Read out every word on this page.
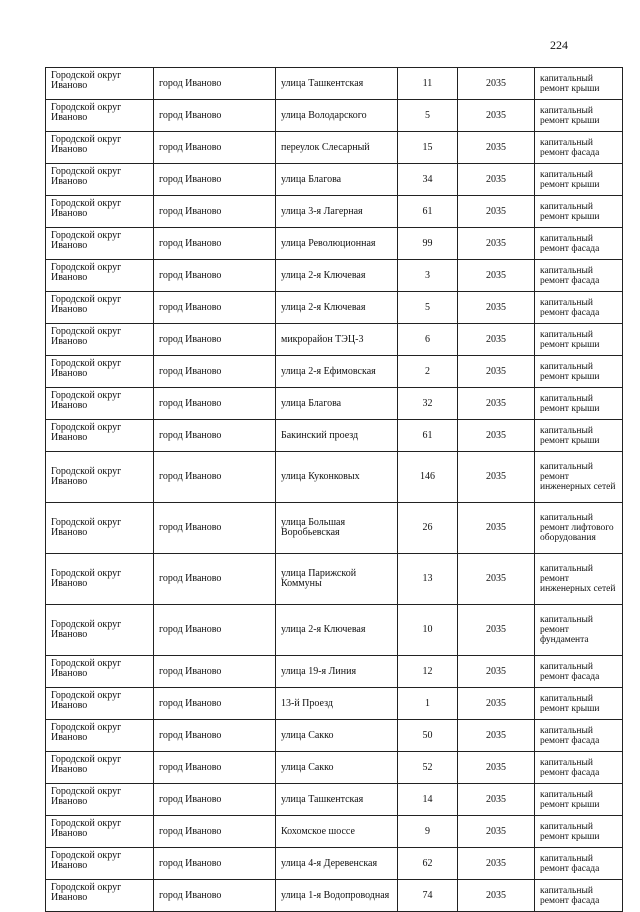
224
Городской округ Иваново	город Иваново	улица Ташкентская	11	2035	капитальный ремонт крыши
Городской округ Иваново	город Иваново	улица Володарского	5	2035	капитальный ремонт крыши
Городской округ Иваново	город Иваново	переулок Слесарный	15	2035	капитальный ремонт фасада
Городской округ Иваново	город Иваново	улица Благова	34	2035	капитальный ремонт крыши
Городской округ Иваново	город Иваново	улица 3-я Лагерная	61	2035	капитальный ремонт крыши
Городской округ Иваново	город Иваново	улица Революционная	99	2035	капитальный ремонт фасада
Городской округ Иваново	город Иваново	улица 2-я Ключевая	3	2035	капитальный ремонт фасада
Городской округ Иваново	город Иваново	улица 2-я Ключевая	5	2035	капитальный ремонт фасада
Городской округ Иваново	город Иваново	микрорайон ТЭЦ-3	6	2035	капитальный ремонт крыши
Городской округ Иваново	город Иваново	улица 2-я Ефимовская	2	2035	капитальный ремонт крыши
Городской округ Иваново	город Иваново	улица Благова	32	2035	капитальный ремонт крыши
Городской округ Иваново	город Иваново	Бакинский проезд	61	2035	капитальный ремонт крыши
Городской округ Иваново	город Иваново	улица Куконковых	146	2035	капитальный ремонт инженерных сетей
Городской округ Иваново	город Иваново	улица Большая Воробьевская	26	2035	капитальный ремонт лифтового оборудования
Городской округ Иваново	город Иваново	улица Парижской Коммуны	13	2035	капитальный ремонт инженерных сетей
Городской округ Иваново	город Иваново	улица 2-я Ключевая	10	2035	капитальный ремонт фундамента
Городской округ Иваново	город Иваново	улица 19-я Линия	12	2035	капитальный ремонт фасада
Городской округ Иваново	город Иваново	13-й Проезд	1	2035	капитальный ремонт крыши
Городской округ Иваново	город Иваново	улица Сакко	50	2035	капитальный ремонт фасада
Городской округ Иваново	город Иваново	улица Сакко	52	2035	капитальный ремонт фасада
Городской округ Иваново	город Иваново	улица Ташкентская	14	2035	капитальный ремонт крыши
Городской округ Иваново	город Иваново	Кохомское шоссе	9	2035	капитальный ремонт крыши
Городской округ Иваново	город Иваново	улица 4-я Деревенская	62	2035	капитальный ремонт фасада
Городской округ Иваново	город Иваново	улица 1-я Водопроводная	74	2035	капитальный ремонт фасада
